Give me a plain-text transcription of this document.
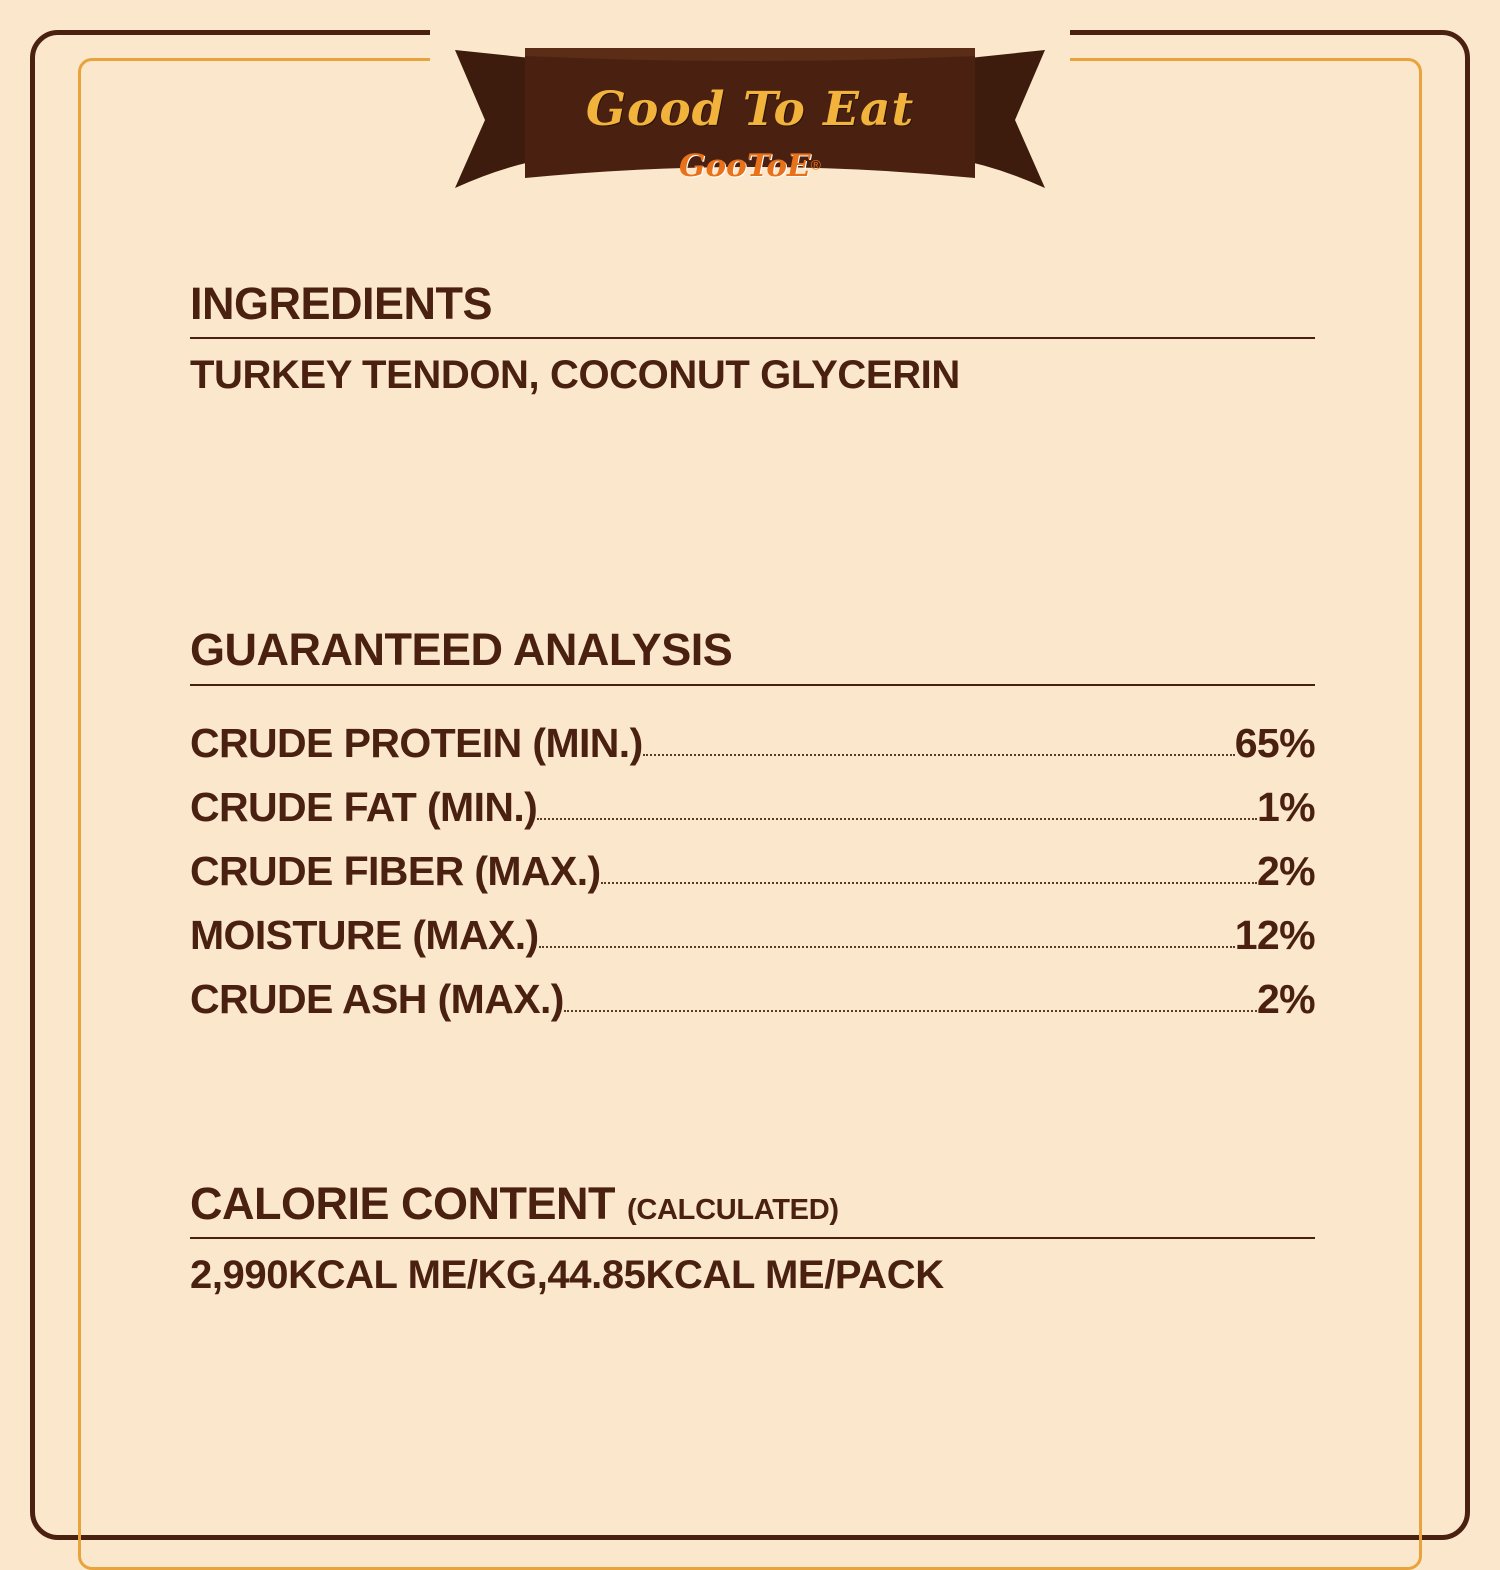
Good To Eat
GooToE®
INGREDIENTS
TURKEY TENDON, COCONUT GLYCERIN
GUARANTEED ANALYSIS
CRUDE PROTEIN (MIN.)	65%
CRUDE FAT (MIN.)	1%
CRUDE FIBER (MAX.)	2%
MOISTURE (MAX.)	12%
CRUDE ASH (MAX.)	2%
CALORIE CONTENT (CALCULATED)
2,990KCAL ME/KG,44.85KCAL ME/PACK
